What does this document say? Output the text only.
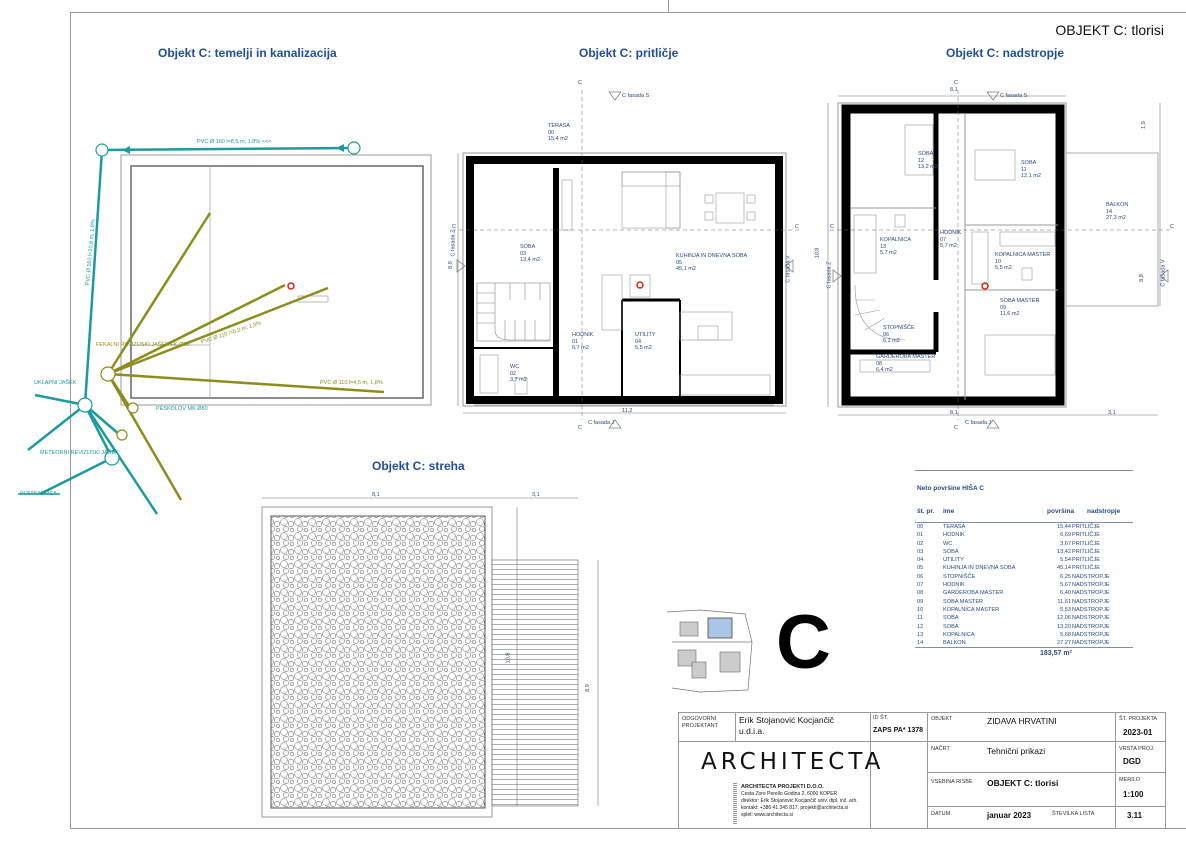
OBJEKT C: tlorisi
Objekt C: temelji in kanalizacija	Objekt C: pritličje	Objekt C: nadstropje
Objekt C: streha
PVC Ø 160 l=8,5 m, 1,8% <<<
PVC Ø 160 l=10,8 m, 1,8%
PVC Ø 110 l=5,3 m, 1,8%
PVC Ø 110 l=4,5 m, 1,8%
FEKALNI REVIZIJSKI JAŠEK FK-Ø80
PESKOLOV MK Ø80
UKLAPNI JAŠEK
METEORNI REVIZIJSKI JAŠEK
PONIKALNICA
TERASA
00
15,4 m2
SOBA
03
13,4 m2
KUHINJA IN DNEVNA SOBA
05
45,1 m2
HODNIK
01
6,7 m2
UTILITY
04
5,5 m2
WC
02
3,7 m2
C fasada S
C fasada J
C
C
C	C
11,2
8,9
C fasada Z
C fasada V
SOBA
12
13,2 m2
SOBA
11
12,1 m2
BALKON
14
27,3 m2
KOPALNICA
13
5,7 m2
HODNIK
07
5,7 m2
KOPALNICA MASTER
10
5,5 m2
SOBA MASTER
09
11,6 m2
STOPNIŠČE
06
6,2 m2
GARDEROBA MASTER
08
6,4 m2
C fasada S
C fasada J
C
C
C	C
8,1
8,1	3,1
10,8
8,9
1,9
C fasada Z	C fasada V
8,1	3,1
10,8
8,9
C
Neto površine HIŠA C
št. pr. ime	površina nadstropje
00	TERASA	15,44 PRITLIČJE
01	HODNIK	6,69 PRITLIČJE
02	WC	3,67 PRITLIČJE
03	SOBA	13,42 PRITLIČJE
04	UTILITY	5,54 PRITLIČJE
05	KUHINJA IN DNEVNA SOBA	45,14 PRITLIČJE
06	STOPNIŠČE	6,25 NADSTROPJE
07	HODNIK	5,67 NADSTROPJE
08	GARDEROBA MASTER	6,40 NADSTROPJE
09	SOBA MASTER	11,61 NADSTROPJE
10	KOPALNICA MASTER	5,53 NADSTROPJE
11	SOBA	12,06 NADSTROPJE
12	SOBA	13,20 NADSTROPJE
13	KOPALNICA	5,68 NADSTROPJE
14	BALKON	27,27 NADSTROPJE
183,57 m²
ODGOVORNI PROJEKTANT
Erik Stojanović Kocjančič
u.d.i.a.
ID ŠT.
ZAPS PA* 1378
ARCHITECTA
ARCHITECTA PROJEKTI D.O.O.
Cesta Zore Perello Godina 2, 6000 KOPER
direktor: Erik Stojanović Kocjančič univ. dipl. inž. arh.
kontakt: +386 41 345 817, projekti@architecta.si
splet: www.architecta.si
OBJEKT	ZIDAVA HRVATINI	ŠT. PROJEKTA
2023-01
NAČRT	Tehnični prikazi	VRSTA PROJ.
DGD
VSEBINA RISBE OBJEKT C: tlorisi	MERILO
1:100
DATUM	januar 2023	ŠTEVILKA LISTA	3.11
